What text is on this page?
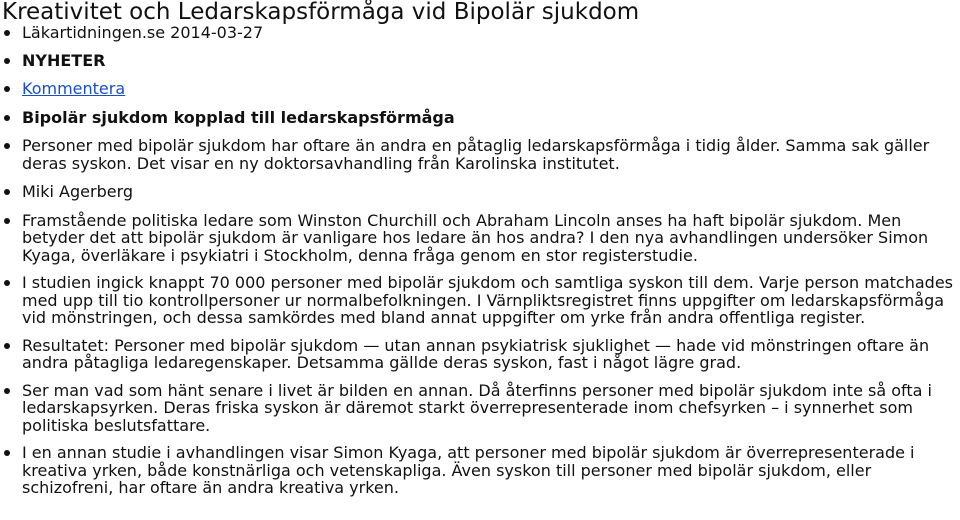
Kreativitet och Ledarskapsförmåga vid Bipolär sjukdom
Läkartidningen.se 2014-03-27
NYHETER
Kommentera
Bipolär sjukdom kopplad till ledarskapsförmåga
Personer med bipolär sjukdom har oftare än andra en påtaglig ledarskapsförmåga i tidig ålder. Samma sak gäller deras syskon. Det visar en ny doktorsavhandling från Karolinska institutet.
Miki Agerberg
Framstående politiska ledare som Winston Churchill och Abraham Lincoln anses ha haft bipolär sjukdom. Men betyder det att bipolär sjukdom är vanligare hos ledare än hos andra? I den nya avhandlingen undersöker Simon Kyaga, överläkare i psykiatri i Stockholm, denna fråga genom en stor registerstudie.
I studien ingick knappt 70 000 personer med bipolär sjukdom och samtliga syskon till dem. Varje person matchades med upp till tio kontrollpersoner ur normalbefolkningen. I Värnpliktsregistret finns uppgifter om ledarskapsförmåga vid mönstringen, och dessa samkördes med bland annat uppgifter om yrke från andra offentliga register.
Resultatet: Personer med bipolär sjukdom — utan annan psykiatrisk sjuklighet — hade vid mönstringen oftare än andra påtagliga ledaregenskaper. Detsamma gällde deras syskon, fast i något lägre grad.
Ser man vad som hänt senare i livet är bilden en annan. Då återfinns personer med bipolär sjukdom inte så ofta i ledarskapsyrken. Deras friska syskon är däremot starkt överrepresenterade inom chefsyrken – i synnerhet som politiska beslutsfattare.
I en annan studie i avhandlingen visar Simon Kyaga, att personer med bipolär sjukdom är överrepresenterade i kreativa yrken, både konstnärliga och vetenskapliga. Även syskon till personer med bipolär sjukdom, eller schizofreni, har oftare än andra kreativa yrken.
